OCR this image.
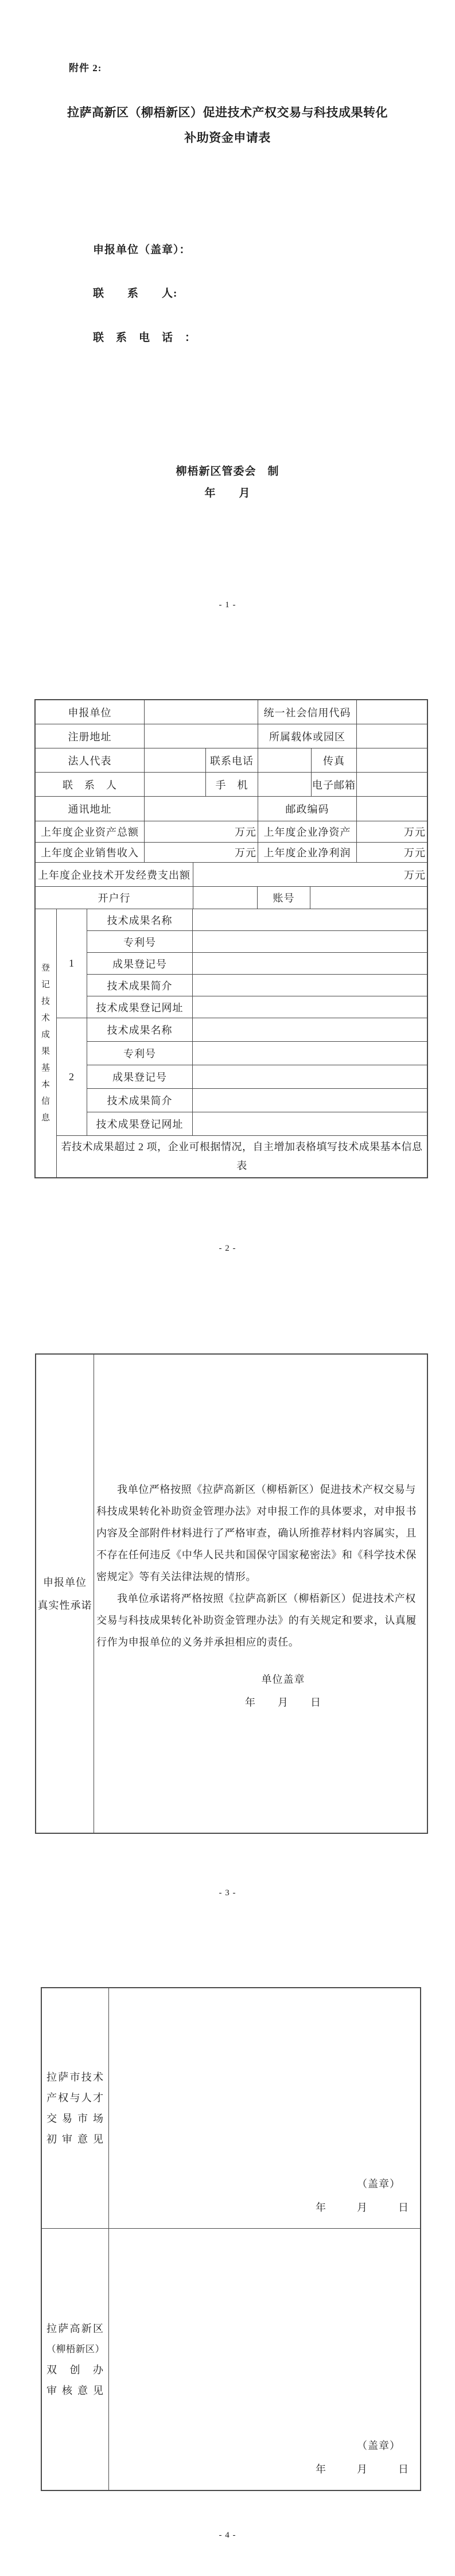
附件 2:
拉萨高新区（柳梧新区）促进技术产权交易与科技成果转化
补助资金申请表
申报单位（盖章）：
联　　系　　人:
联　系　电　话　：
柳梧新区管委会　制
年　　月
- 1 -
申报单位	统一社会信用代码
注册地址	所属载体或园区
法人代表	联系电话	传真
联　系　人	手　机	电子邮箱
通讯地址	邮政编码
上年度企业资产总额	万元 上年度企业净资产	万元
上年度企业销售收入	万元 上年度企业净利润	万元
上年度企业技术开发经费支出额	万元
开户行	账号
登记技术成果基本信息
1
技术成果名称
专利号
成果登记号
技术成果简介
技术成果登记网址
2
技术成果名称
专利号
成果登记号
技术成果简介
技术成果登记网址
若技术成果超过 2 项，企业可根据情况，自主增加表格填写技术成果基本信息
表
- 2 -
申报单位
真实性承诺

我单位严格按照《拉萨高新区（柳梧新区）促进技术产权交易与科技成果转化补助资金管理办法》对申报工作的具体要求，对申报书内容及全部附件材料进行了严格审查，确认所推荐材料内容属实，且不存在任何违反《中华人民共和国保守国家秘密法》和《科学技术保密规定》等有关法律法规的情形。

我单位承诺将严格按照《拉萨高新区（柳梧新区）促进技术产权交易与科技成果转化补助资金管理办法》的有关规定和要求，认真履行作为申报单位的义务并承担相应的责任。

单位盖章
年　　月　　日
- 3 -
拉萨市技术
产权与人才
交易市场
初审意见
（盖章）
年　　　月　　　日
拉萨高新区
（柳梧新区）
双创办
审核意见
（盖章）
年　　　月　　　日
- 4 -
